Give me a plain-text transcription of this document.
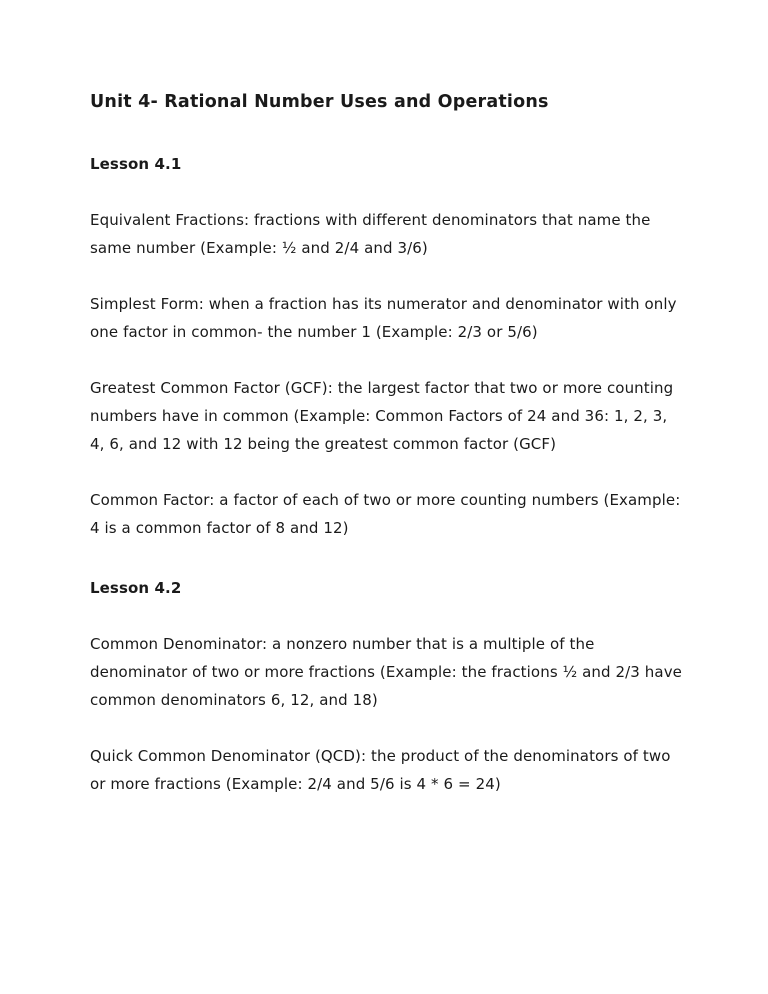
Unit 4- Rational Number Uses and Operations

Lesson 4.1

Equivalent Fractions: fractions with different denominators that name the same number (Example: ½ and 2/4 and 3/6)

Simplest Form: when a fraction has its numerator and denominator with only one factor in common- the number 1 (Example: 2/3 or 5/6)

Greatest Common Factor (GCF): the largest factor that two or more counting numbers have in common (Example: Common Factors of 24 and 36: 1, 2, 3, 4, 6, and 12 with 12 being the greatest common factor (GCF)

Common Factor: a factor of each of two or more counting numbers (Example: 4 is a common factor of 8 and 12)

Lesson 4.2

Common Denominator: a nonzero number that is a multiple of the denominator of two or more fractions (Example: the fractions ½ and 2/3 have common denominators 6, 12, and 18)

Quick Common Denominator (QCD): the product of the denominators of two or more fractions (Example: 2/4 and 5/6 is 4 * 6 = 24)
